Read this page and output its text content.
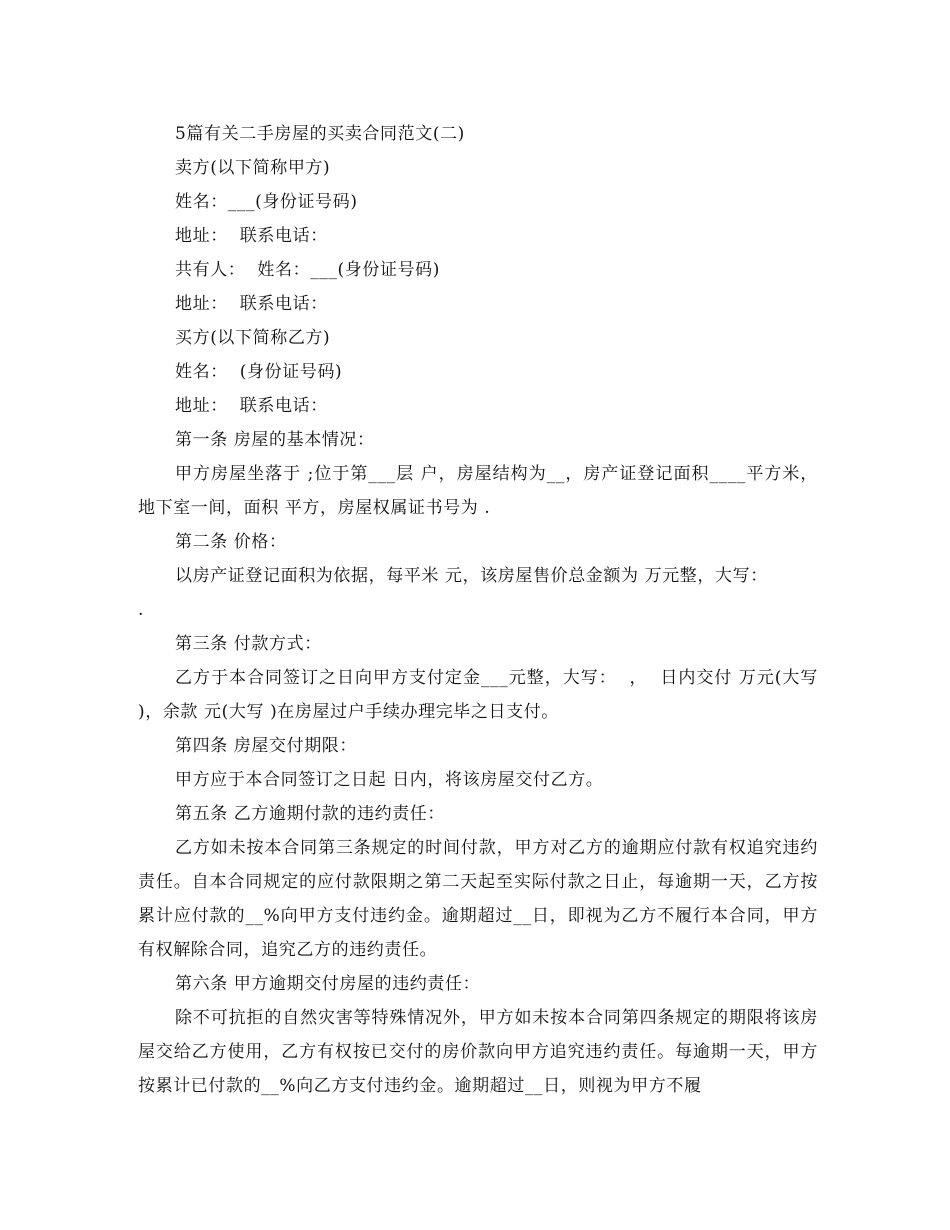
5篇有关二手房屋的买卖合同范文(二)

卖方(以下简称甲方)

姓名：___(身份证号码)

地址：  联系电话：

共有人：  姓名：___(身份证号码)

地址：  联系电话：

买方(以下简称乙方)

姓名：  (身份证号码)

地址：  联系电话：

第一条 房屋的基本情况：

甲方房屋坐落于 ;位于第___层 户，房屋结构为__，房产证登记面积____平方米，地下室一间，面积 平方，房屋权属证书号为 .

第二条 价格：

以房产证登记面积为依据，每平米 元，该房屋售价总金额为 万元整，大写：

.

第三条 付款方式：

乙方于本合同签订之日向甲方支付定金___元整，大写：  ，  日内交付 万元(大写 )，余款 元(大写 )在房屋过户手续办理完毕之日支付。

第四条 房屋交付期限：

甲方应于本合同签订之日起 日内，将该房屋交付乙方。

第五条 乙方逾期付款的违约责任：

乙方如未按本合同第三条规定的时间付款，甲方对乙方的逾期应付款有权追究违约责任。自本合同规定的应付款限期之第二天起至实际付款之日止，每逾期一天，乙方按累计应付款的__%向甲方支付违约金。逾期超过__日，即视为乙方不履行本合同，甲方有权解除合同，追究乙方的违约责任。

第六条 甲方逾期交付房屋的违约责任：

除不可抗拒的自然灾害等特殊情况外，甲方如未按本合同第四条规定的期限将该房屋交给乙方使用，乙方有权按已交付的房价款向甲方追究违约责任。每逾期一天，甲方按累计已付款的__%向乙方支付违约金。逾期超过__日，则视为甲方不履
